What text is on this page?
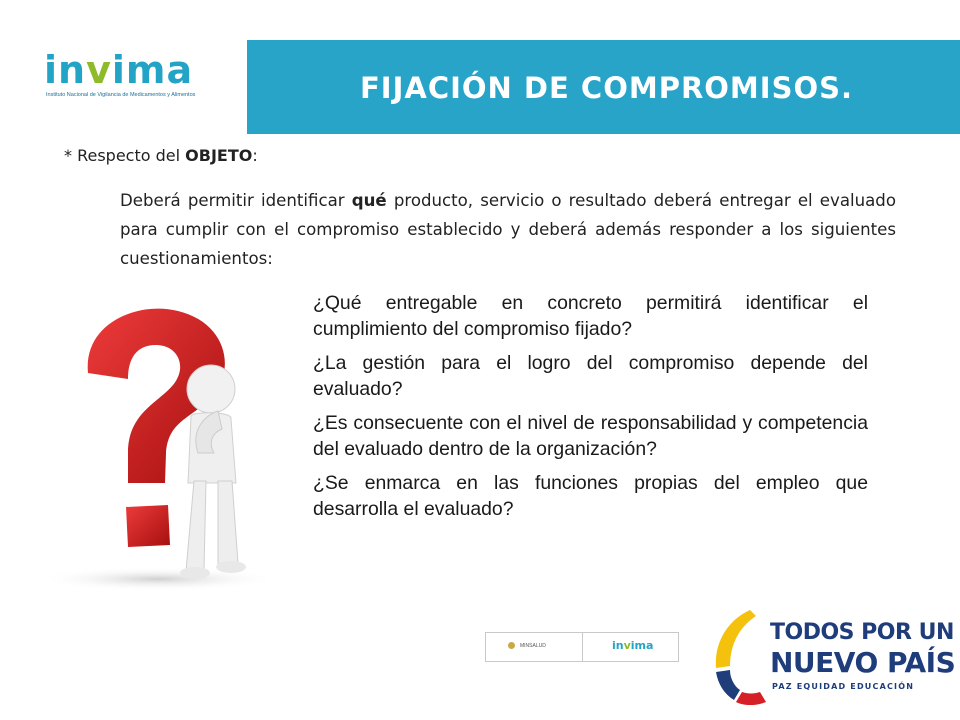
invima
Instituto Nacional de Vigilancia de Medicamentos y Alimentos	FIJACIÓN DE COMPROMISOS.
* Respecto del OBJETO:
Deberá permitir identificar qué producto, servicio o resultado deberá entregar el evaluado para cumplir con el compromiso establecido y deberá además responder a los siguientes cuestionamientos:

¿Qué entregable en concreto permitirá identificar el cumplimiento del compromiso fijado?

¿La gestión para el logro del compromiso depende del evaluado?

¿Es consecuente con el nivel de responsabilidad y competencia del evaluado dentro de la organización?

¿Se enmarca en las funciones propias del empleo que desarrolla el evaluado?

MINSALUD	invima
TODOS POR UN
NUEVO PAÍS
PAZ EQUIDAD EDUCACIÓN
